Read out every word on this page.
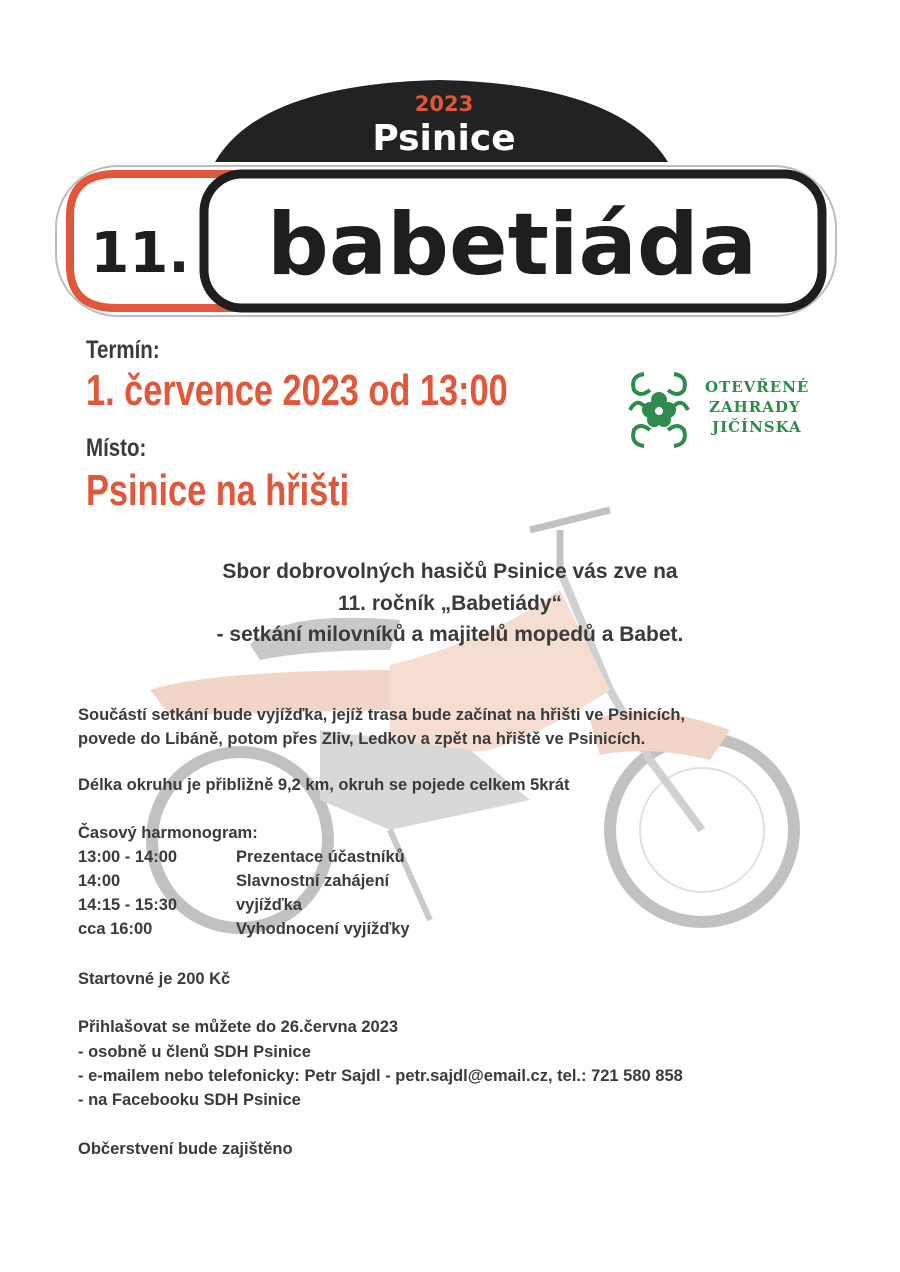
2023
Psinice
11. babetiáda
Termín:
1. července 2023 od 13:00
Místo:
Psinice na hřišti
OTEVŘENÉ
ZAHRADY
JIČÍNSKA
Sbor dobrovolných hasičů Psinice vás zve na
11. ročník „Babetiády“
- setkání milovníků a majitelů mopedů a Babet.
Součástí setkání bude vyjížďka, jejíž trasa bude začínat na hřišti ve Psinicích,
povede do Libáně, potom přes Zliv, Ledkov a zpět na hřiště ve Psinicích.
Délka okruhu je přibližně 9,2 km, okruh se pojede celkem 5krát
Časový harmonogram:
13:00 - 14:00	Prezentace účastníků
14:00	Slavnostní zahájení
14:15 - 15:30	vyjížďka
cca 16:00	Vyhodnocení vyjížďky
Startovné je 200 Kč
Přihlašovat se můžete do 26.června 2023
- osobně u členů SDH Psinice
- e-mailem nebo telefonicky: Petr Sajdl - petr.sajdl@email.cz, tel.: 721 580 858
- na Facebooku SDH Psinice
Občerstvení bude zajištěno
